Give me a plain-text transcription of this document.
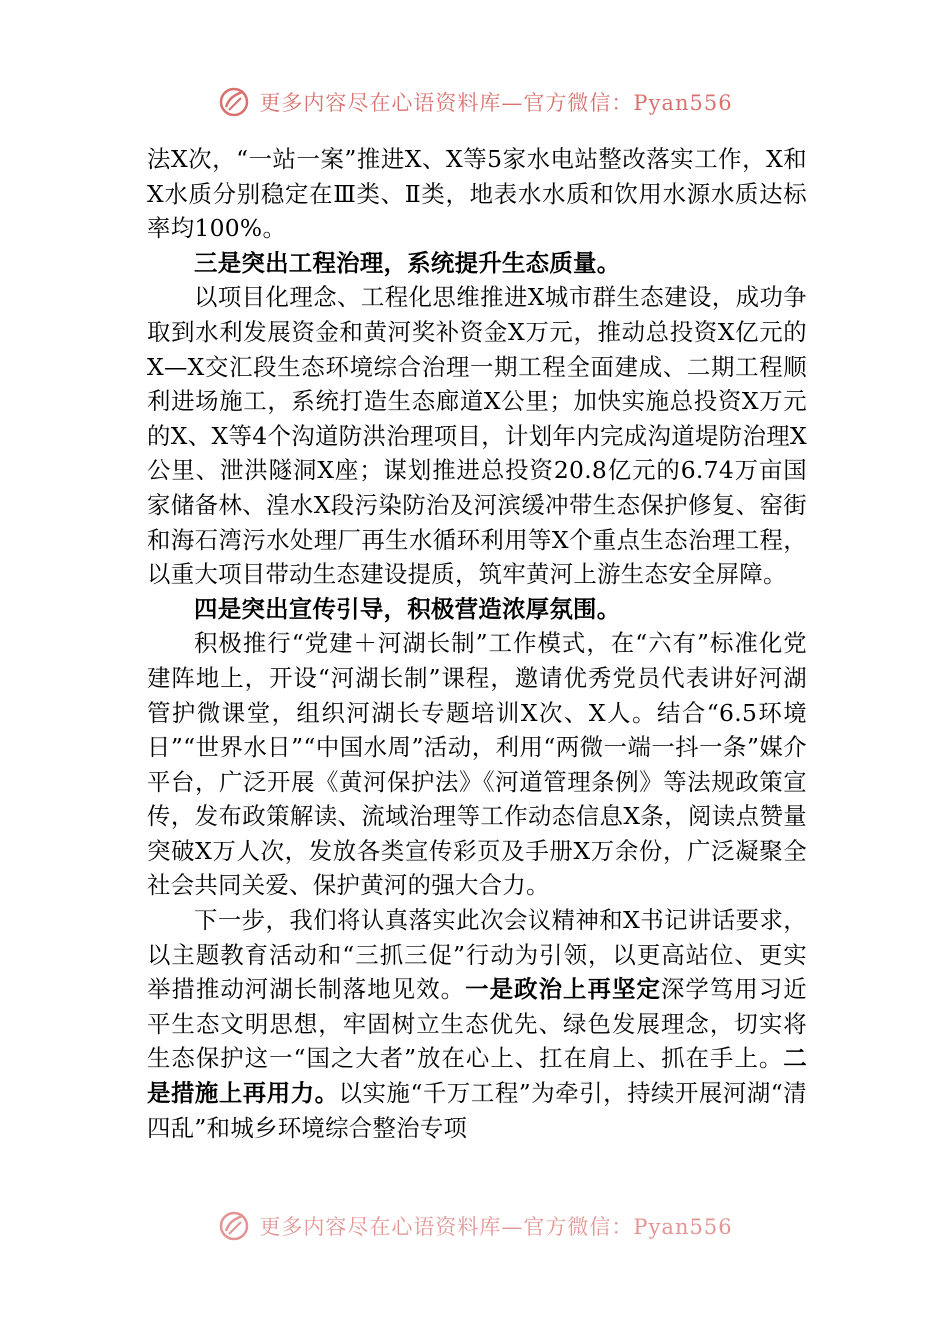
更多内容尽在心语资料库—官方微信：Pyan556

法X次，“一站一案”推进X、X等5家水电站整改落实工作，X和X水质分别稳定在Ⅲ类、Ⅱ类，地表水水质和饮用水源水质达标率均100%。

三是突出工程治理，系统提升生态质量。

以项目化理念、工程化思维推进X城市群生态建设，成功争取到水利发展资金和黄河奖补资金X万元，推动总投资X亿元的X—X交汇段生态环境综合治理一期工程全面建成、二期工程顺利进场施工，系统打造生态廊道X公里；加快实施总投资X万元的X、X等4个沟道防洪治理项目，计划年内完成沟道堤防治理X公里、泄洪隧洞X座；谋划推进总投资20.8亿元的6.74万亩国家储备林、湟水X段污染防治及河滨缓冲带生态保护修复、窑街和海石湾污水处理厂再生水循环利用等X个重点生态治理工程，以重大项目带动生态建设提质，筑牢黄河上游生态安全屏障。

四是突出宣传引导，积极营造浓厚氛围。

积极推行“党建＋河湖长制”工作模式，在“六有”标准化党建阵地上，开设“河湖长制”课程，邀请优秀党员代表讲好河湖管护微课堂，组织河湖长专题培训X次、X人。结合“6.5环境日”“世界水日”“中国水周”活动，利用“两微一端一抖一条”媒介平台，广泛开展《黄河保护法》《河道管理条例》等法规政策宣传，发布政策解读、流域治理等工作动态信息X条，阅读点赞量突破X万人次，发放各类宣传彩页及手册X万余份，广泛凝聚全社会共同关爱、保护黄河的强大合力。

下一步，我们将认真落实此次会议精神和X书记讲话要求，以主题教育活动和“三抓三促”行动为引领，以更高站位、更实举措推动河湖长制落地见效。一是政治上再坚定深学笃用习近平生态文明思想，牢固树立生态优先、绿色发展理念，切实将生态保护这一“国之大者”放在心上、扛在肩上、抓在手上。二是措施上再用力。以实施“千万工程”为牵引，持续开展河湖“清四乱”和城乡环境综合整治专项

更多内容尽在心语资料库—官方微信：Pyan556
